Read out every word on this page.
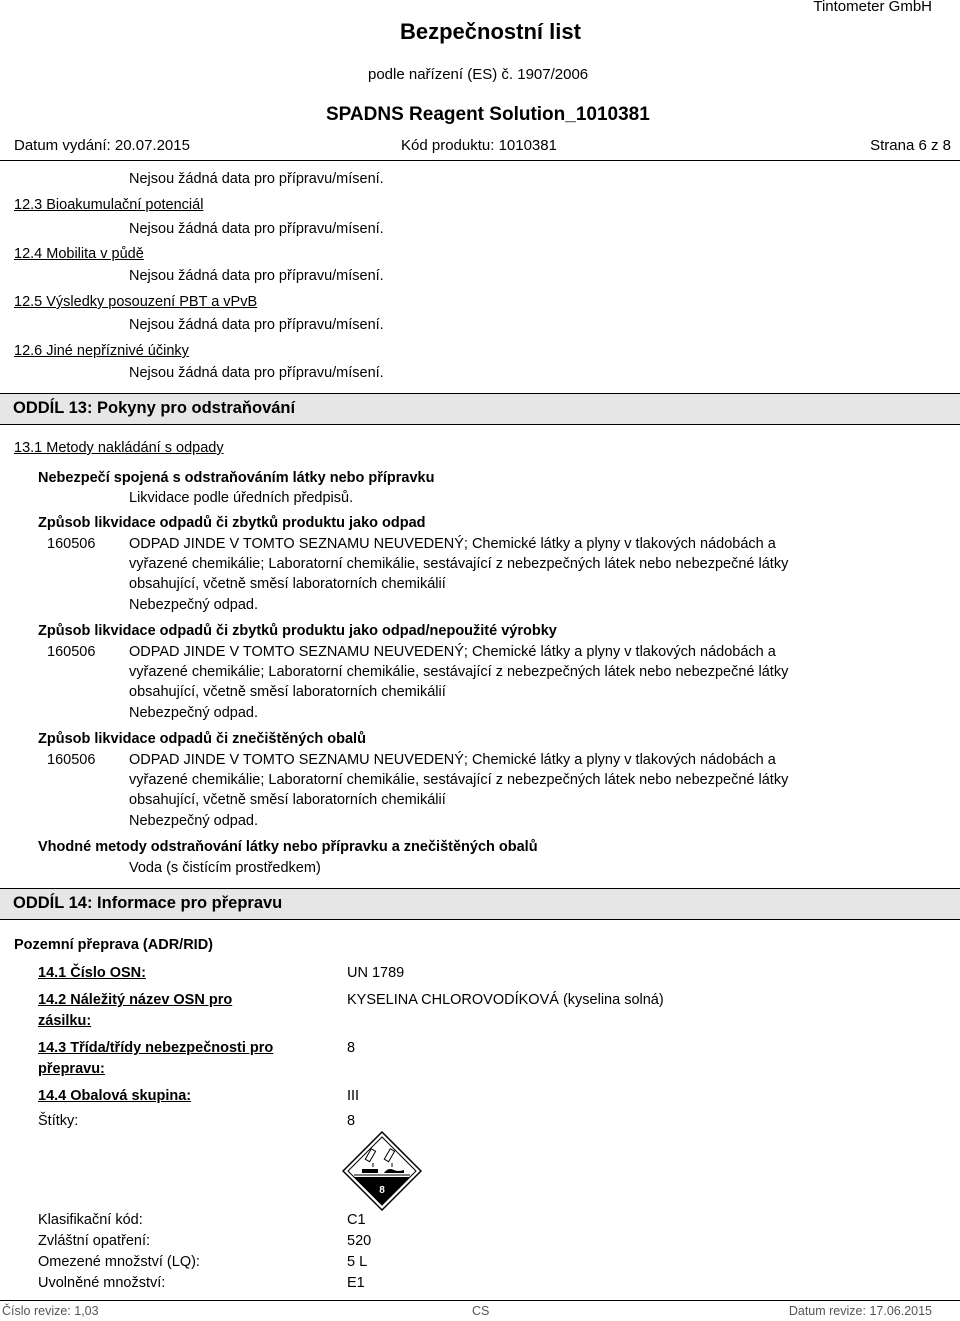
Tintometer GmbH
Bezpečnostní list
podle nařízení (ES) č. 1907/2006
SPADNS Reagent Solution_1010381
Datum vydání: 20.07.2015	Kód produktu: 1010381	Strana 6 z 8
Nejsou žádná data pro přípravu/mísení.
12.3 Bioakumulační potenciál
Nejsou žádná data pro přípravu/mísení.
12.4 Mobilita v půdě
Nejsou žádná data pro přípravu/mísení.
12.5 Výsledky posouzení PBT a vPvB
Nejsou žádná data pro přípravu/mísení.
12.6 Jiné nepříznivé účinky
Nejsou žádná data pro přípravu/mísení.
ODDÍL 13: Pokyny pro odstraňování
13.1 Metody nakládání s odpady
Nebezpečí spojená s odstraňováním látky nebo přípravku
Likvidace podle úředních předpisů.
Způsob likvidace odpadů či zbytků produktu jako odpad
160506 ODPAD JINDE V TOMTO SEZNAMU NEUVEDENÝ; Chemické látky a plyny v tlakových nádobách a
vyřazené chemikálie; Laboratorní chemikálie, sestávající z nebezpečných látek nebo nebezpečné látky
obsahující, včetně směsí laboratorních chemikálií
Nebezpečný odpad.
Způsob likvidace odpadů či zbytků produktu jako odpad/nepoužité výrobky
160506 ODPAD JINDE V TOMTO SEZNAMU NEUVEDENÝ; Chemické látky a plyny v tlakových nádobách a
vyřazené chemikálie; Laboratorní chemikálie, sestávající z nebezpečných látek nebo nebezpečné látky
obsahující, včetně směsí laboratorních chemikálií
Nebezpečný odpad.
Způsob likvidace odpadů či znečištěných obalů
160506 ODPAD JINDE V TOMTO SEZNAMU NEUVEDENÝ; Chemické látky a plyny v tlakových nádobách a
vyřazené chemikálie; Laboratorní chemikálie, sestávající z nebezpečných látek nebo nebezpečné látky
obsahující, včetně směsí laboratorních chemikálií
Nebezpečný odpad.
Vhodné metody odstraňování látky nebo přípravku a znečištěných obalů
Voda (s čistícím prostředkem)
ODDÍL 14: Informace pro přepravu
Pozemní přeprava (ADR/RID)
14.1 Číslo OSN:	UN 1789
14.2 Náležitý název OSN pro
zásilku:
KYSELINA CHLOROVODÍKOVÁ (kyselina solná)
14.3 Třída/třídy nebezpečnosti pro
přepravu:
8
14.4 Obalová skupina:	III
Štítky:	8
8
Klasifikační kód:	C1
Zvláštní opatření:	520
Omezené množství (LQ):	5 L
Uvolněné množství:	E1
Číslo revize: 1,03	CS	Datum revize: 17.06.2015
